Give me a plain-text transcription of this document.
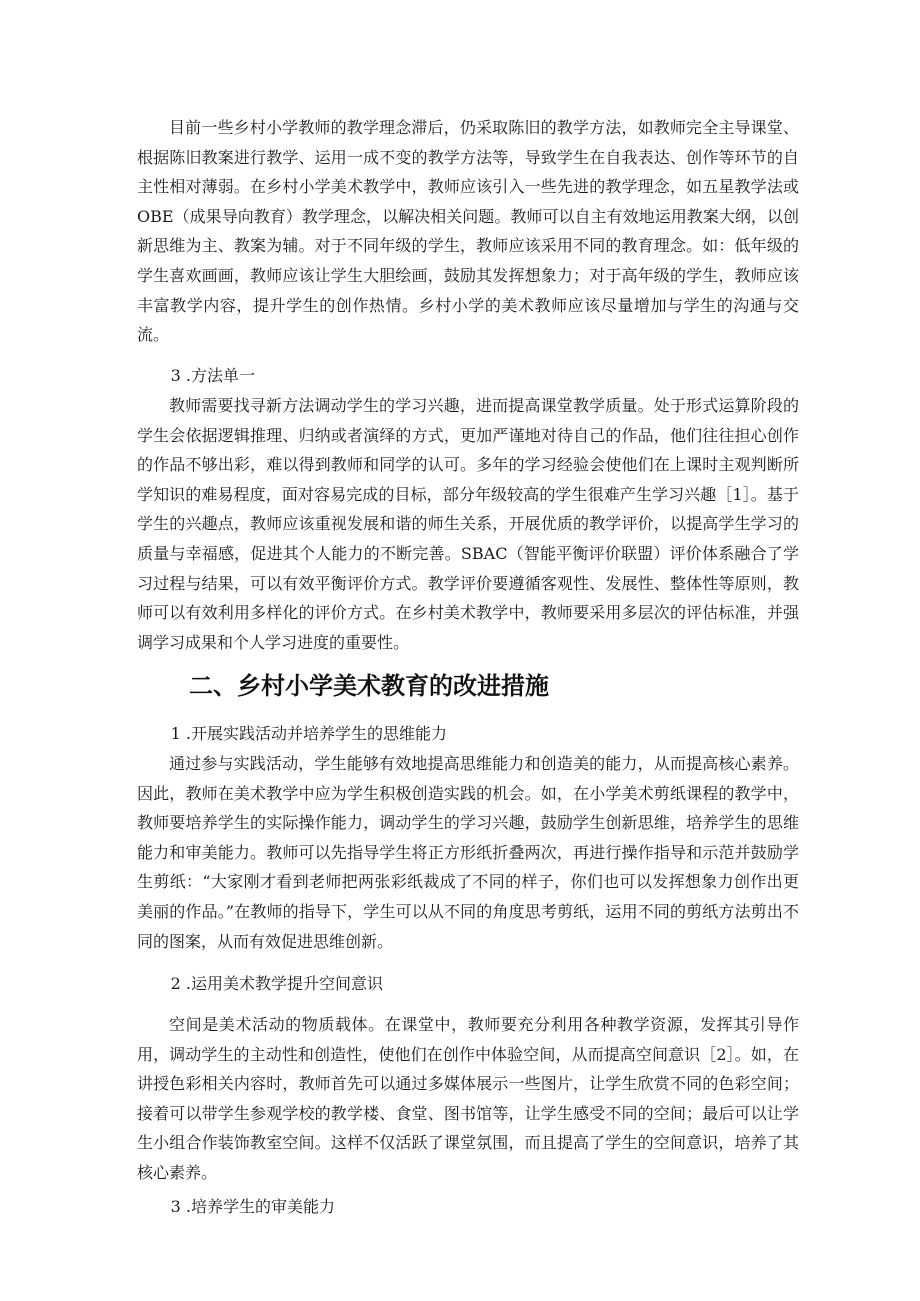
目前一些乡村小学教师的教学理念滞后，仍采取陈旧的教学方法，如教师完全主导课堂、根据陈旧教案进行教学、运用一成不变的教学方法等，导致学生在自我表达、创作等环节的自主性相对薄弱。在乡村小学美术教学中，教师应该引入一些先进的教学理念，如五星教学法或OBE（成果导向教育）教学理念，以解决相关问题。教师可以自主有效地运用教案大纲，以创新思维为主、教案为辅。对于不同年级的学生，教师应该采用不同的教育理念。如：低年级的学生喜欢画画，教师应该让学生大胆绘画，鼓励其发挥想象力；对于高年级的学生，教师应该丰富教学内容，提升学生的创作热情。乡村小学的美术教师应该尽量增加与学生的沟通与交流。

3 .方法单一

教师需要找寻新方法调动学生的学习兴趣，进而提高课堂教学质量。处于形式运算阶段的学生会依据逻辑推理、归纳或者演绎的方式，更加严谨地对待自己的作品，他们往往担心创作的作品不够出彩，难以得到教师和同学的认可。多年的学习经验会使他们在上课时主观判断所学知识的难易程度，面对容易完成的目标，部分年级较高的学生很难产生学习兴趣［1］。基于学生的兴趣点，教师应该重视发展和谐的师生关系，开展优质的教学评价，以提高学生学习的质量与幸福感，促进其个人能力的不断完善。SBAC（智能平衡评价联盟）评价体系融合了学习过程与结果，可以有效平衡评价方式。教学评价要遵循客观性、发展性、整体性等原则，教师可以有效利用多样化的评价方式。在乡村美术教学中，教师要采用多层次的评估标准，并强调学习成果和个人学习进度的重要性。

二、乡村小学美术教育的改进措施

1 .开展实践活动并培养学生的思维能力

通过参与实践活动，学生能够有效地提高思维能力和创造美的能力，从而提高核心素养。因此，教师在美术教学中应为学生积极创造实践的机会。如，在小学美术剪纸课程的教学中，教师要培养学生的实际操作能力，调动学生的学习兴趣，鼓励学生创新思维，培养学生的思维能力和审美能力。教师可以先指导学生将正方形纸折叠两次，再进行操作指导和示范并鼓励学生剪纸：“大家刚才看到老师把两张彩纸裁成了不同的样子，你们也可以发挥想象力创作出更美丽的作品。”在教师的指导下，学生可以从不同的角度思考剪纸，运用不同的剪纸方法剪出不同的图案，从而有效促进思维创新。

2 .运用美术教学提升空间意识

空间是美术活动的物质载体。在课堂中，教师要充分利用各种教学资源，发挥其引导作用，调动学生的主动性和创造性，使他们在创作中体验空间，从而提高空间意识［2］。如，在讲授色彩相关内容时，教师首先可以通过多媒体展示一些图片，让学生欣赏不同的色彩空间；接着可以带学生参观学校的教学楼、食堂、图书馆等，让学生感受不同的空间；最后可以让学生小组合作装饰教室空间。这样不仅活跃了课堂氛围，而且提高了学生的空间意识，培养了其核心素养。

3 .培养学生的审美能力
